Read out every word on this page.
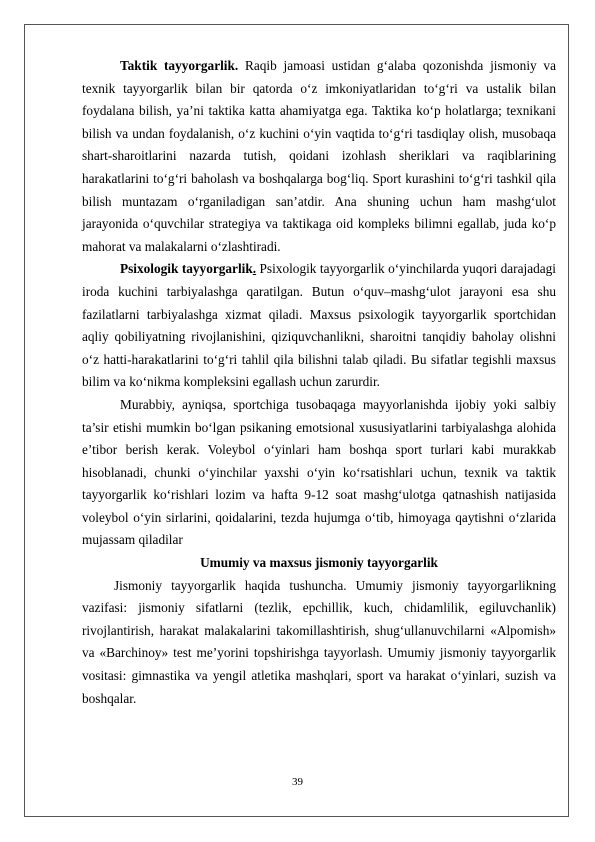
Taktik tayyorgarlik. Raqib jamoasi ustidan g‘alaba qozonishda jismoniy va texnik tayyorgarlik bilan bir qatorda o‘z imkoniyatlaridan to‘g‘ri va ustalik bilan foydalana bilish, ya’ni taktika katta ahamiyatga ega. Taktika ko‘p holatlarga; texnikani bilish va undan foydalanish, o‘z kuchini o‘yin vaqtida to‘g‘ri tasdiqlay olish, musobaqa shart-sharoitlarini nazarda tutish, qoidani izohlash sheriklari va raqiblarining harakatlarini to‘g‘ri baholash va boshqalarga bog‘liq. Sport kurashini to‘g‘ri tashkil qila bilish muntazam o‘rganiladigan san’atdir. Ana shuning uchun ham mashg‘ulot jarayonida o‘quvchilar strategiya va taktikaga oid kompleks bilimni egallab, juda ko‘p mahorat va malakalarni o‘zlashtiradi.

Psixologik tayyorgarlik. Psixologik tayyorgarlik o‘yinchilarda yuqori darajadagi iroda kuchini tarbiyalashga qaratilgan. Butun o‘quv–mashg‘ulot jarayoni esa shu fazilatlarni tarbiyalashga xizmat qiladi. Maxsus psixologik tayyorgarlik sportchidan aqliy qobiliyatning rivojlanishini, qiziquvchanlikni, sharoitni tanqidiy baholay olishni o‘z hatti-harakatlarini to‘g‘ri tahlil qila bilishni talab qiladi. Bu sifatlar tegishli maxsus bilim va ko‘nikma kompleksini egallash uchun zarurdir.

Murabbiy, ayniqsa, sportchiga tusobaqaga mayyorlanishda ijobiy yoki salbiy ta’sir etishi mumkin bo‘lgan psikaning emotsional xususiyatlarini tarbiyalashga alohida e’tibor berish kerak. Voleybol o‘yinlari ham boshqa sport turlari kabi murakkab hisoblanadi, chunki o‘yinchilar yaxshi o‘yin ko‘rsatishlari uchun, texnik va taktik tayyorgarlik ko‘rishlari lozim va hafta 9-12 soat mashg‘ulotga qatnashish natijasida voleybol o‘yin sirlarini, qoidalarini, tezda hujumga o‘tib, himoyaga qaytishni o‘zlarida mujassam qiladilar

Umumiy va maxsus jismoniy tayyorgarlik

Jismoniy tayyorgarlik haqida tushuncha. Umumiy jismoniy tayyorgarlikning vazifasi: jismoniy sifatlarni (tezlik, epchillik, kuch, chidamlilik, egiluvchanlik) rivojlantirish, harakat malakalarini takomillashtirish, shug‘ullanuvchilarni «Alpomish» va «Barchinoy» test me’yorini topshirishga tayyorlash. Umumiy jismoniy tayyorgarlik vositasi: gimnastika va yengil atletika mashqlari, sport va harakat o‘yinlari, suzish va boshqalar.

39
